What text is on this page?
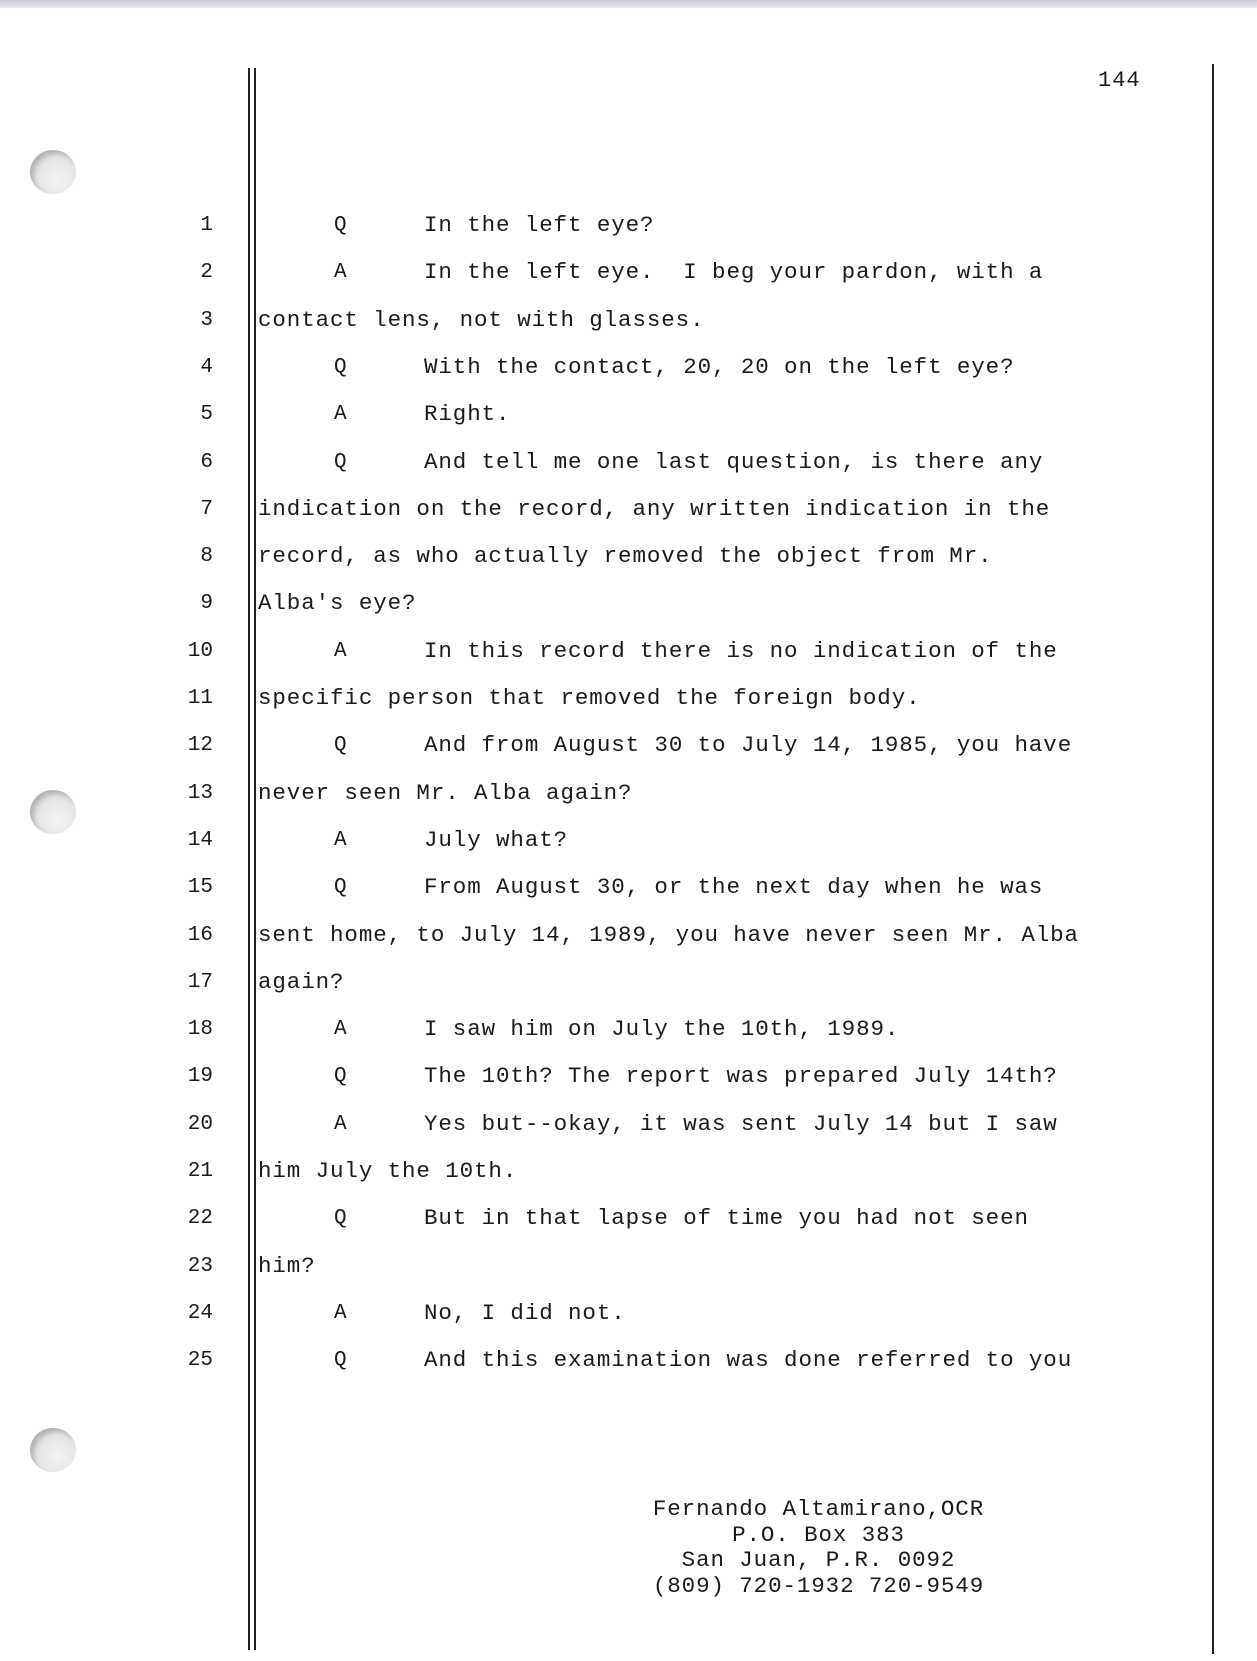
144
1	Q	In the left eye?
2	A	In the left eye.  I beg your pardon, with a
3 contact lens, not with glasses.
4	Q	With the contact, 20, 20 on the left eye?
5	A	Right.
6	Q	And tell me one last question, is there any
7 indication on the record, any written indication in the
8 record, as who actually removed the object from Mr.
9 Alba's eye?
10	A	In this record there is no indication of the
11 specific person that removed the foreign body.
12	Q	And from August 30 to July 14, 1985, you have
13 never seen Mr. Alba again?
14	A	July what?
15	Q	From August 30, or the next day when he was
16 sent home, to July 14, 1989, you have never seen Mr. Alba
17 again?
18	A	I saw him on July the 10th, 1989.
19	Q	The 10th? The report was prepared July 14th?
20	A	Yes but--okay, it was sent July 14 but I saw
21 him July the 10th.
22	Q	But in that lapse of time you had not seen
23 him?
24	A	No, I did not.
25	Q	And this examination was done referred to you
Fernando Altamirano,OCR
P.O. Box 383
San Juan, P.R. 0092
(809) 720-1932 720-9549
